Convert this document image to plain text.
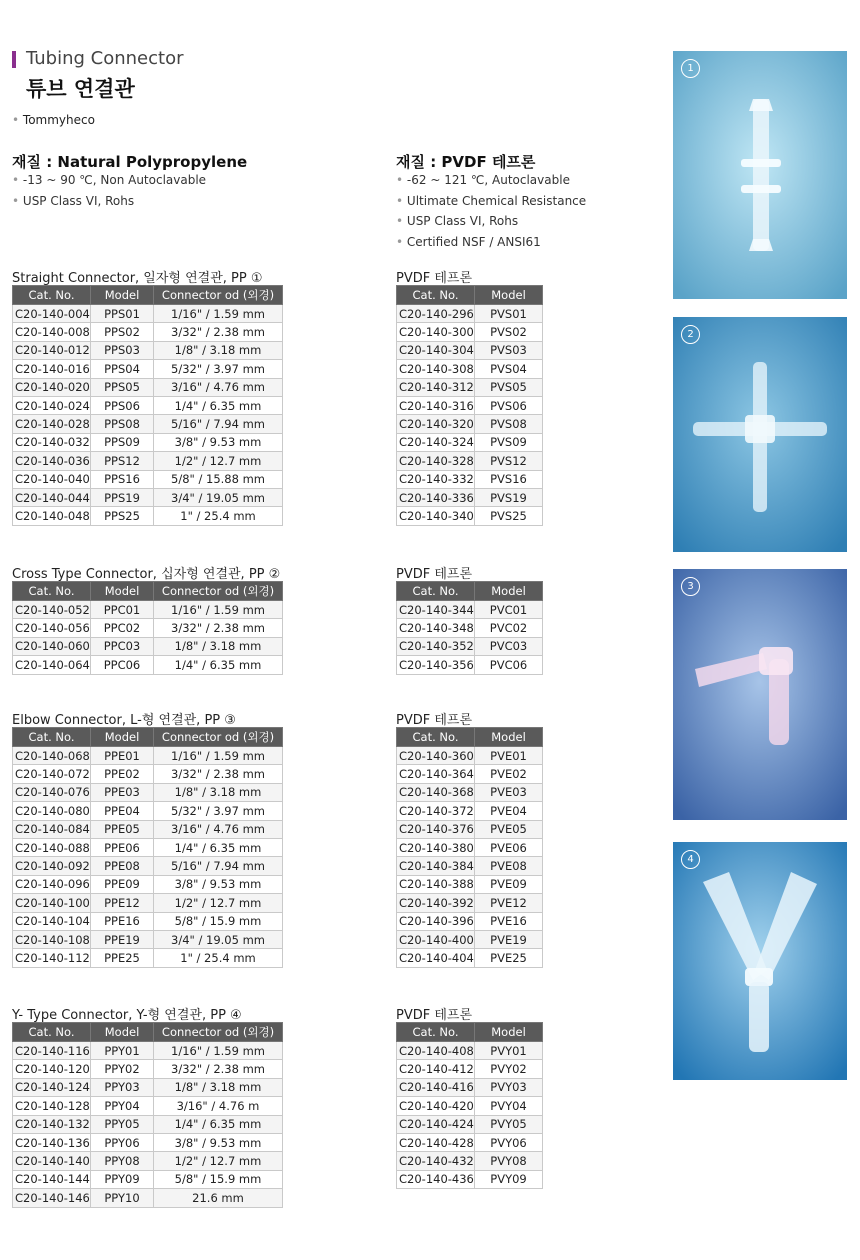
Tubing Connector
튜브 연결관
• Tommyheco
재질 : Natural Polypropylene
• -13 ~ 90 ℃, Non Autoclavable
• USP Class VI, Rohs
재질 : PVDF 테프론
• -62 ~ 121 ℃, Autoclavable
• Ultimate Chemical Resistance
• USP Class VI, Rohs
• Certified NSF / ANSI61
Straight Connector, 일자형 연결관, PP ①	PVDF 테프론
Cross Type Connector, 십자형 연결관, PP ②	PVDF 테프론
Elbow Connector, L-형 연결관, PP ③	PVDF 테프론
Y- Type Connector, Y-형 연결관, PP ④	PVDF 테프론
Cat. No.	Model	Connector od (외경)
C20-140-004	PPS01	1/16" / 1.59 mm
C20-140-008	PPS02	3/32" / 2.38 mm
C20-140-012	PPS03	1/8" / 3.18 mm
C20-140-016	PPS04	5/32" / 3.97 mm
C20-140-020	PPS05	3/16" / 4.76 mm
C20-140-024	PPS06	1/4" / 6.35 mm
C20-140-028	PPS08	5/16" / 7.94 mm
C20-140-032	PPS09	3/8" / 9.53 mm
C20-140-036	PPS12	1/2" / 12.7 mm
C20-140-040	PPS16	5/8" / 15.88 mm
C20-140-044	PPS19	3/4" / 19.05 mm
C20-140-048	PPS25	1" / 25.4 mm
Cat. No.	Model
C20-140-296	PVS01
C20-140-300	PVS02
C20-140-304	PVS03
C20-140-308	PVS04
C20-140-312	PVS05
C20-140-316	PVS06
C20-140-320	PVS08
C20-140-324	PVS09
C20-140-328	PVS12
C20-140-332	PVS16
C20-140-336	PVS19
C20-140-340	PVS25
Cat. No.	Model	Connector od (외경)
C20-140-052	PPC01	1/16" / 1.59 mm
C20-140-056	PPC02	3/32" / 2.38 mm
C20-140-060	PPC03	1/8" / 3.18 mm
C20-140-064	PPC06	1/4" / 6.35 mm
Cat. No.	Model
C20-140-344	PVC01
C20-140-348	PVC02
C20-140-352	PVC03
C20-140-356	PVC06
Cat. No.	Model	Connector od (외경)
C20-140-068	PPE01	1/16" / 1.59 mm
C20-140-072	PPE02	3/32" / 2.38 mm
C20-140-076	PPE03	1/8" / 3.18 mm
C20-140-080	PPE04	5/32" / 3.97 mm
C20-140-084	PPE05	3/16" / 4.76 mm
C20-140-088	PPE06	1/4" / 6.35 mm
C20-140-092	PPE08	5/16" / 7.94 mm
C20-140-096	PPE09	3/8" / 9.53 mm
C20-140-100	PPE12	1/2" / 12.7 mm
C20-140-104	PPE16	5/8" / 15.9 mm
C20-140-108	PPE19	3/4" / 19.05 mm
C20-140-112	PPE25	1" / 25.4 mm
Cat. No.	Model
C20-140-360	PVE01
C20-140-364	PVE02
C20-140-368	PVE03
C20-140-372	PVE04
C20-140-376	PVE05
C20-140-380	PVE06
C20-140-384	PVE08
C20-140-388	PVE09
C20-140-392	PVE12
C20-140-396	PVE16
C20-140-400	PVE19
C20-140-404	PVE25
Cat. No.	Model	Connector od (외경)
C20-140-116	PPY01	1/16" / 1.59 mm
C20-140-120	PPY02	3/32" / 2.38 mm
C20-140-124	PPY03	1/8" / 3.18 mm
C20-140-128	PPY04	3/16" / 4.76 m
C20-140-132	PPY05	1/4" / 6.35 mm
C20-140-136	PPY06	3/8" / 9.53 mm
C20-140-140	PPY08	1/2" / 12.7 mm
C20-140-144	PPY09	5/8" / 15.9 mm
C20-140-146	PPY10	21.6 mm
Cat. No.	Model
C20-140-408	PVY01
C20-140-412	PVY02
C20-140-416	PVY03
C20-140-420	PVY04
C20-140-424	PVY05
C20-140-428	PVY06
C20-140-432	PVY08
C20-140-436	PVY09
1
2
3
4
